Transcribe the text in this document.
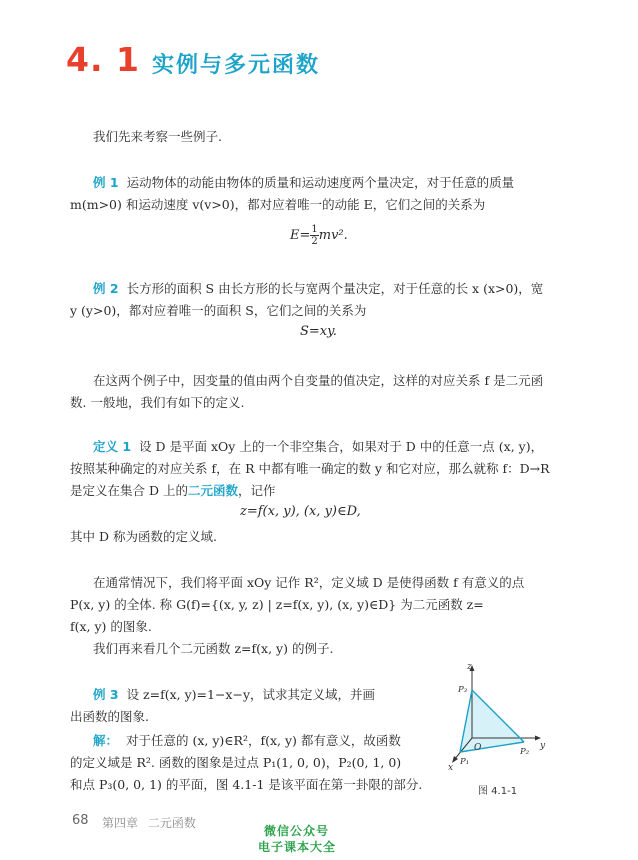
4. 1 实例与多元函数
我们先来考察一些例子.
例 1 运动物体的动能由物体的质量和运动速度两个量决定，对于任意的质量
m(m>0) 和运动速度 v(v>0)，都对应着唯一的动能 E，它们之间的关系为
$E= \frac{1}{2} mv^2$.
例 2 长方形的面积 S 由长方形的长与宽两个量决定，对于任意的长 x (x>0)，宽
y (y>0)，都对应着唯一的面积 S，它们之间的关系为
S=xy.
在这两个例子中，因变量的值由两个自变量的值决定，这样的对应关系 f 是二元函
数. 一般地，我们有如下的定义.
定义 1 设 D 是平面 xOy 上的一个非空集合，如果对于 D 中的任意一点 (x, y)，
按照某种确定的对应关系 f，在 R 中都有唯一确定的数 y 和它对应，那么就称 f：D→R
是定义在集合 D 上的二元函数，记作
z=f(x, y), (x, y)∈D,
其中 D 称为函数的定义域.
在通常情况下，我们将平面 xOy 记作 R²，定义域 D 是使得函数 f 有意义的点
P(x, y) 的全体. 称 G(f)={(x, y, z) | z=f(x, y), (x, y)∈D} 为二元函数 z=
f(x, y) 的图象.
我们再来看几个二元函数 z=f(x, y) 的例子.
例 3 设 z=f(x, y)=1−x−y，试求其定义域，并画
出函数的图象.
解： 对于任意的 (x, y)∈R²，f(x, y) 都有意义，故函数
的定义域是 R². 函数的图象是过点 P₁(1, 0, 0)，P₂(0, 1, 0)
和点 P₃(0, 0, 1) 的平面，图 4.1-1 是该平面在第一卦限的部分.
z
y
x
O
P₁
P₂
P₃
图 4.1-1
68 第四章 二元函数
微信公众号
电子课本大全
